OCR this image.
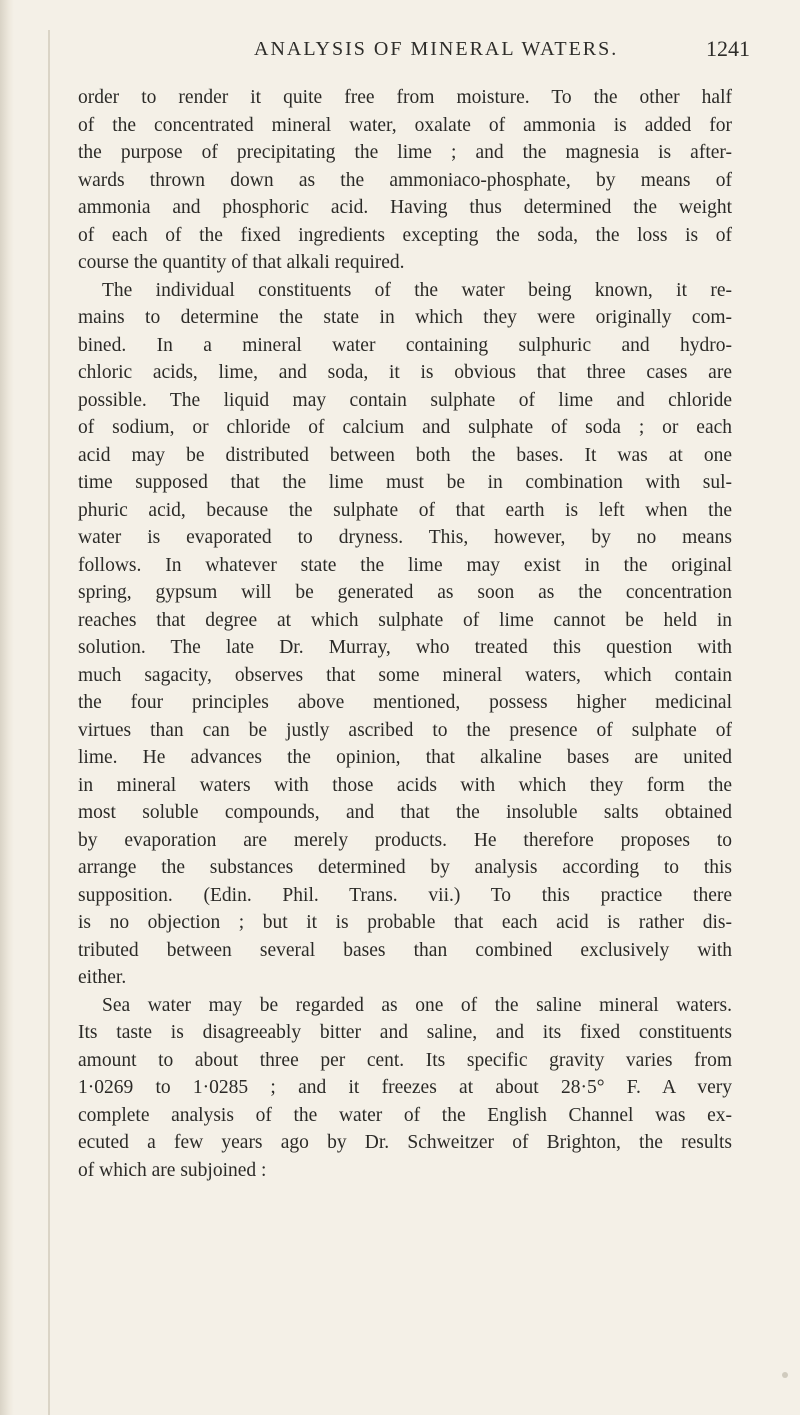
ANALYSIS OF MINERAL WATERS.	1241
order to render it quite free from moisture. To the other half
of the concentrated mineral water, oxalate of ammonia is added for
the purpose of precipitating the lime ; and the magnesia is after-
wards thrown down as the ammoniaco-phosphate, by means of
ammonia and phosphoric acid. Having thus determined the weight
of each of the fixed ingredients excepting the soda, the loss is of
course the quantity of that alkali required.
The individual constituents of the water being known, it re-
mains to determine the state in which they were originally com-
bined. In a mineral water containing sulphuric and hydro-
chloric acids, lime, and soda, it is obvious that three cases are
possible. The liquid may contain sulphate of lime and chloride
of sodium, or chloride of calcium and sulphate of soda ; or each
acid may be distributed between both the bases. It was at one
time supposed that the lime must be in combination with sul-
phuric acid, because the sulphate of that earth is left when the
water is evaporated to dryness. This, however, by no means
follows. In whatever state the lime may exist in the original
spring, gypsum will be generated as soon as the concentration
reaches that degree at which sulphate of lime cannot be held in
solution. The late Dr. Murray, who treated this question with
much sagacity, observes that some mineral waters, which contain
the four principles above mentioned, possess higher medicinal
virtues than can be justly ascribed to the presence of sulphate of
lime. He advances the opinion, that alkaline bases are united
in mineral waters with those acids with which they form the
most soluble compounds, and that the insoluble salts obtained
by evaporation are merely products. He therefore proposes to
arrange the substances determined by analysis according to this
supposition. (Edin. Phil. Trans. vii.) To this practice there
is no objection ; but it is probable that each acid is rather dis-
tributed between several bases than combined exclusively with
either.
Sea water may be regarded as one of the saline mineral waters.
Its taste is disagreeably bitter and saline, and its fixed constituents
amount to about three per cent. Its specific gravity varies from
1·0269 to 1·0285 ; and it freezes at about 28·5° F. A very
complete analysis of the water of the English Channel was ex-
ecuted a few years ago by Dr. Schweitzer of Brighton, the results
of which are subjoined :
